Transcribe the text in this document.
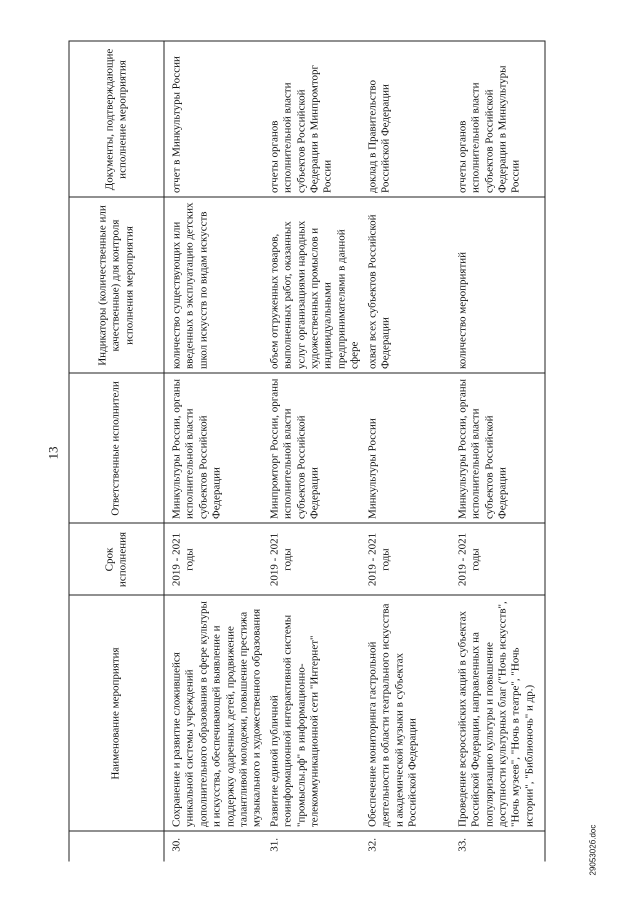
13
	Наименование мероприятия	Срок исполнения	Ответственные исполнители	Индикаторы (количественные или качественные) для контроля исполнения мероприятия	Документы, подтверждающие исполнение мероприятия
30.	Сохранение и развитие сложившейся уникальной системы учреждений дополнительного образования в сфере культуры и искусства, обеспечивающей выявление и поддержку одаренных детей, продвижение талантливой молодежи, повышение престижа музыкального и художественного образования	2019 - 2021 годы	Минкультуры России, органы исполнительной власти субъектов Российской Федерации	количество существующих или введенных в эксплуатацию детских школ искусств по видам искусств	отчет в Минкультуры России
31.	Развитие единой публичной геоинформационной интерактивной системы "промыслы.рф" в информационно-телекоммуникационной сети "Интернет"	2019 - 2021 годы	Минпромторг России, органы исполнительной власти субъектов Российской Федерации	объем отгруженных товаров, выполненных работ, оказанных услуг организациями народных художественных промыслов и индивидуальными предпринимателями в данной сфере	отчеты органов исполнительной власти субъектов Российской Федерации в Минпромторг России
32.	Обеспечение мониторинга гастрольной деятельности в области театрального искусства и академической музыки в субъектах Российской Федерации	2019 - 2021 годы	Минкультуры России	охват всех субъектов Российской Федерации	доклад в Правительство Российской Федерации
33.	Проведение всероссийских акций в субъектах Российской Федерации, направленных на популяризацию культуры и повышение доступности культурных благ ("Ночь искусств", "Ночь музеев", "Ночь в театре", "Ночь истории", "Библионочь" и др.)	2019 - 2021 годы	Минкультуры России, органы исполнительной власти субъектов Российской Федерации	количество мероприятий	отчеты органов исполнительной власти субъектов Российской Федерации в Минкультуры России
2905302б.doc
